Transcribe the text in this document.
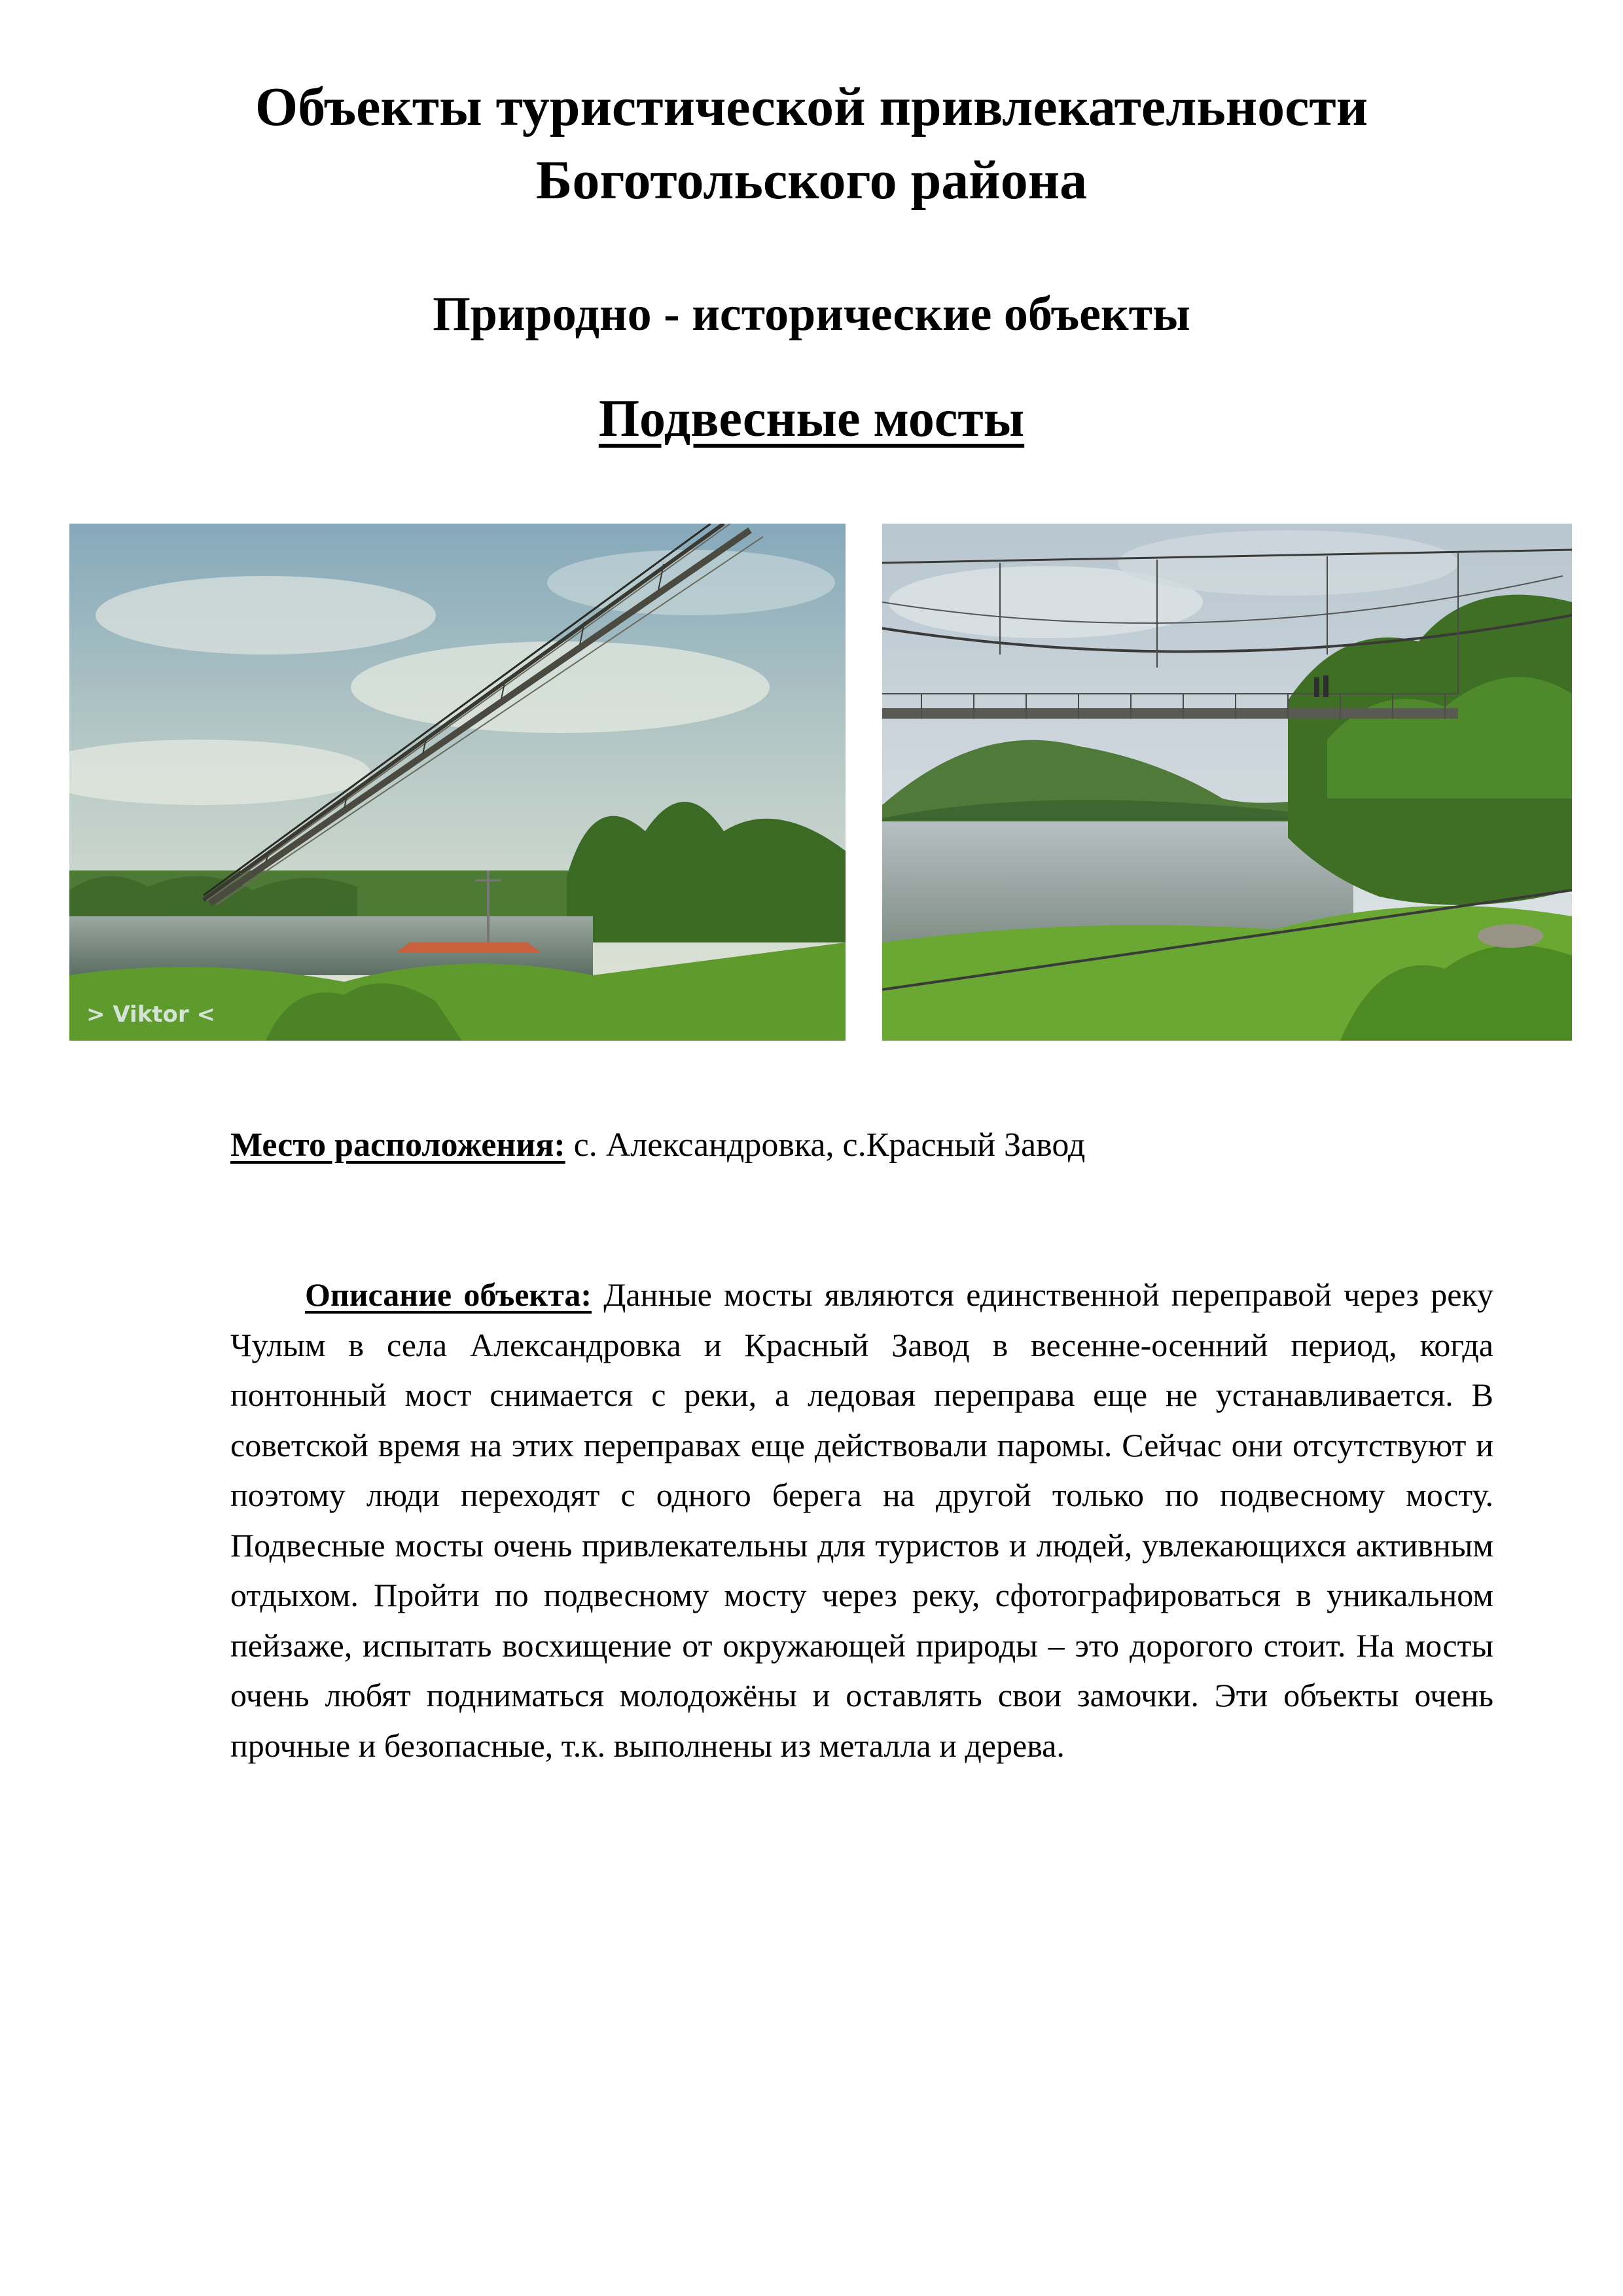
Объекты туристической привлекательности
Боготольского района
Природно - исторические объекты
Подвесные мосты
> Viktor <

Место расположения: с. Александровка, с.Красный Завод

Описание объекта: Данные мосты являются единственной переправой через реку Чулым в села Александровка и Красный Завод в весенне-осенний период, когда понтонный мост снимается с реки, а ледовая переправа еще не устанавливается. В советской время на этих переправах еще действовали паромы. Сейчас они отсутствуют и поэтому люди переходят с одного берега на другой только по подвесному мосту. Подвесные мосты очень привлекательны для туристов и людей, увлекающихся активным отдыхом. Пройти по подвесному мосту через реку, сфотографироваться в уникальном пейзаже, испытать восхищение от окружающей природы – это дорогого стоит. На мосты очень любят подниматься молодожёны и оставлять свои замочки. Эти объекты очень прочные и безопасные, т.к. выполнены из металла и дерева.
